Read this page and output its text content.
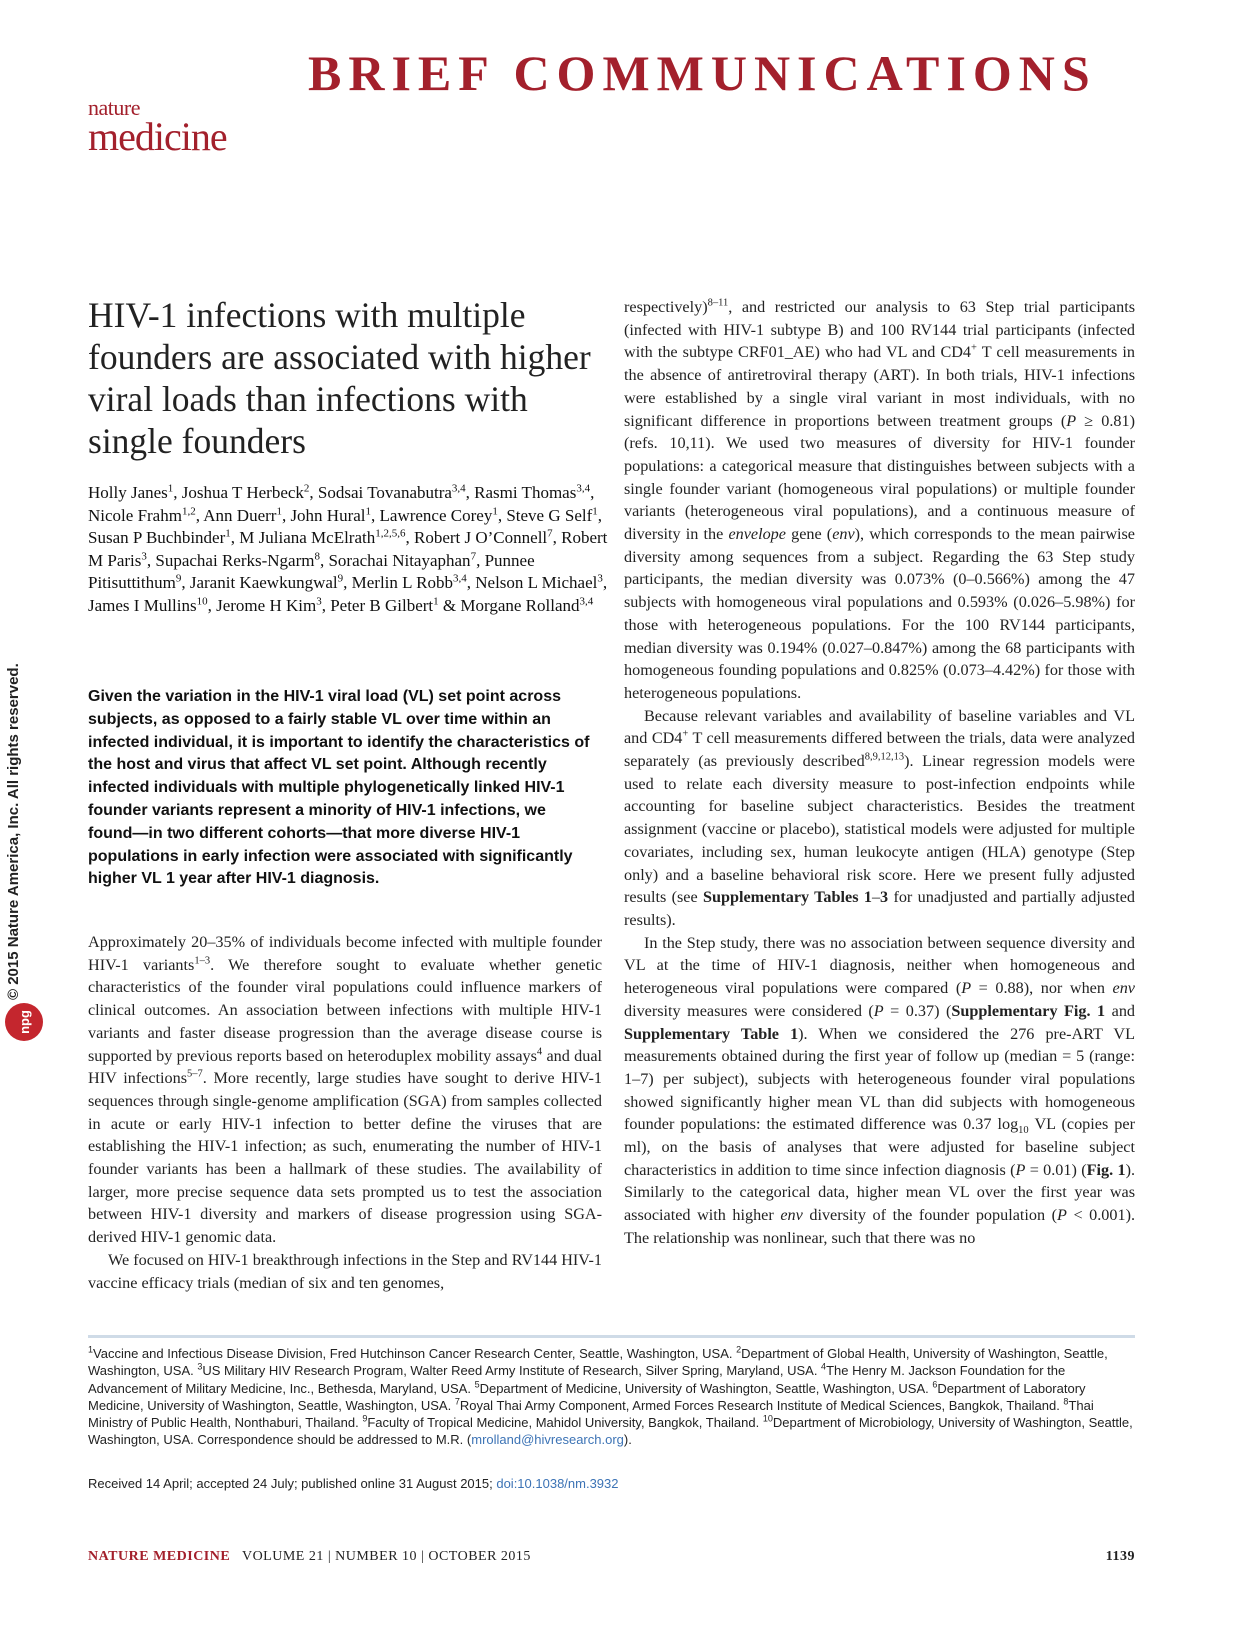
BRIEF COMMUNICATIONS
nature
medicine
© 2015 Nature America, Inc. All rights reserved.
npg
HIV-1 infections with multiple founders are associated with higher viral loads than infections with single founders
Holly Janes$^1$, Joshua T Herbeck$^2$, Sodsai Tovanabutra$^{3,4}$, Rasmi Thomas$^{3,4}$, Nicole Frahm$^{1,2}$, Ann Duerr$^1$, John Hural$^1$, Lawrence Corey$^1$, Steve G Self$^1$, Susan P Buchbinder$^1$, M Juliana McElrath$^{1,2,5,6}$, Robert J O’Connell$^7$, Robert M Paris$^3$, Supachai Rerks-Ngarm$^8$, Sorachai Nitayaphan$^7$, Punnee Pitisuttithum$^9$, Jaranit Kaewkungwal$^9$, Merlin L Robb$^{3,4}$, Nelson L Michael$^3$, James I Mullins$^{10}$, Jerome H Kim$^3$, Peter B Gilbert$^1$ & Morgane Rolland$^{3,4}$
Given the variation in the HIV-1 viral load (VL) set point across subjects, as opposed to a fairly stable VL over time within an infected individual, it is important to identify the characteristics of the host and virus that affect VL set point. Although recently infected individuals with multiple phylogenetically linked HIV-1 founder variants represent a minority of HIV-1 infections, we found—in two different cohorts—that more diverse HIV-1 populations in early infection were associated with significantly higher VL 1 year after HIV-1 diagnosis.

Approximately 20–35% of individuals become infected with multiple founder HIV-1 variants$^{1-3}$. We therefore sought to evaluate whether genetic characteristics of the founder viral populations could influence markers of clinical outcomes. An association between infections with multiple HIV-1 variants and faster disease progression than the average disease course is supported by previous reports based on heteroduplex mobility assays$^4$ and dual HIV infections$^{5-7}$. More recently, large studies have sought to derive HIV-1 sequences through single-genome amplification (SGA) from samples collected in acute or early HIV-1 infection to better define the viruses that are establishing the HIV-1 infection; as such, enumerating the number of HIV-1 founder variants has been a hallmark of these studies. The availability of larger, more precise sequence data sets prompted us to test the association between HIV-1 diversity and markers of disease progression using SGA-derived HIV-1 genomic data.

We focused on HIV-1 breakthrough infections in the Step and RV144 HIV-1 vaccine efficacy trials (median of six and ten genomes,

respectively)$^{8-11}$, and restricted our analysis to 63 Step trial participants (infected with HIV-1 subtype B) and 100 RV144 trial participants (infected with the subtype CRF01_AE) who had VL and CD4+ T cell measurements in the absence of antiretroviral therapy (ART). In both trials, HIV-1 infections were established by a single viral variant in most individuals, with no significant difference in proportions between treatment groups (P ≥ 0.81) (refs. 10,11). We used two measures of diversity for HIV-1 founder populations: a categorical measure that distinguishes between subjects with a single founder variant (homogeneous viral populations) or multiple founder variants (heterogeneous viral populations), and a continuous measure of diversity in the envelope gene (env), which corresponds to the mean pairwise diversity among sequences from a subject. Regarding the 63 Step study participants, the median diversity was 0.073% (0–0.566%) among the 47 subjects with homogeneous viral populations and 0.593% (0.026–5.98%) for those with heterogeneous populations. For the 100 RV144 participants, median diversity was 0.194% (0.027–0.847%) among the 68 participants with homogeneous founding populations and 0.825% (0.073–4.42%) for those with heterogeneous populations.

Because relevant variables and availability of baseline variables and VL and CD4+ T cell measurements differed between the trials, data were analyzed separately (as previously described$^{8,9,12,13}$). Linear regression models were used to relate each diversity measure to post-infection endpoints while accounting for baseline subject characteristics. Besides the treatment assignment (vaccine or placebo), statistical models were adjusted for multiple covariates, including sex, human leukocyte antigen (HLA) genotype (Step only) and a baseline behavioral risk score. Here we present fully adjusted results (see Supplementary Tables 1–3 for unadjusted and partially adjusted results).

In the Step study, there was no association between sequence diversity and VL at the time of HIV-1 diagnosis, neither when homogeneous and heterogeneous viral populations were compared (P = 0.88), nor when env diversity measures were considered (P = 0.37) (Supplementary Fig. 1 and Supplementary Table 1). When we considered the 276 pre-ART VL measurements obtained during the first year of follow up (median = 5 (range: 1–7) per subject), subjects with heterogeneous founder viral populations showed significantly higher mean VL than did subjects with homogeneous founder populations: the estimated difference was 0.37 $\log_{10}$ VL (copies per ml), on the basis of analyses that were adjusted for baseline subject characteristics in addition to time since infection diagnosis (P = 0.01) (Fig. 1). Similarly to the categorical data, higher mean VL over the first year was associated with higher env diversity of the founder population (P < 0.001). The relationship was nonlinear, such that there was no

$^1$Vaccine and Infectious Disease Division, Fred Hutchinson Cancer Research Center, Seattle, Washington, USA. $^2$Department of Global Health, University of Washington, Seattle, Washington, USA. $^3$US Military HIV Research Program, Walter Reed Army Institute of Research, Silver Spring, Maryland, USA. $^4$The Henry M. Jackson Foundation for the Advancement of Military Medicine, Inc., Bethesda, Maryland, USA. $^5$Department of Medicine, University of Washington, Seattle, Washington, USA. $^6$Department of Laboratory Medicine, University of Washington, Seattle, Washington, USA. $^7$Royal Thai Army Component, Armed Forces Research Institute of Medical Sciences, Bangkok, Thailand. $^8$Thai Ministry of Public Health, Nonthaburi, Thailand. $^9$Faculty of Tropical Medicine, Mahidol University, Bangkok, Thailand. $^{10}$Department of Microbiology, University of Washington, Seattle, Washington, USA. Correspondence should be addressed to M.R. (mrolland@hivresearch.org).
Received 14 April; accepted 24 July; published online 31 August 2015; doi:10.1038/nm.3932
NATURE MEDICINE VOLUME 21 | NUMBER 10 | OCTOBER 2015	1139
